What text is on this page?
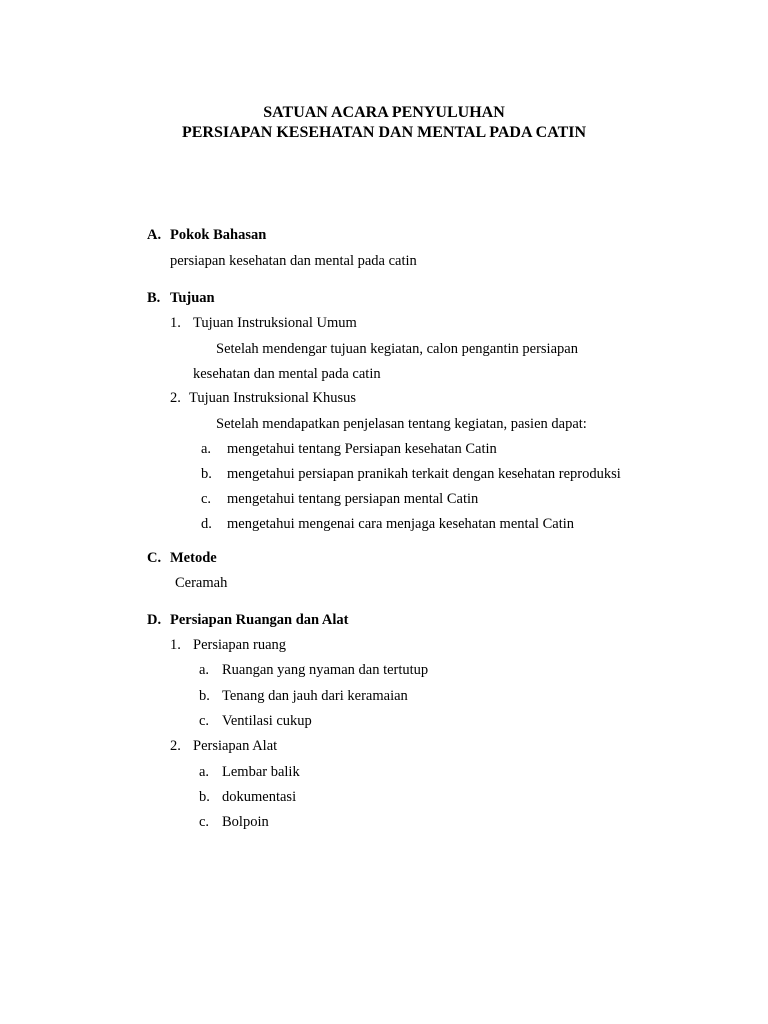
SATUAN ACARA PENYULUHAN
PERSIAPAN KESEHATAN DAN MENTAL PADA CATIN
A. Pokok Bahasan
persiapan kesehatan dan mental pada catin
B. Tujuan
1. Tujuan Instruksional Umum
Setelah mendengar tujuan kegiatan, calon pengantin persiapan
kesehatan dan mental pada catin
2. Tujuan Instruksional Khusus
Setelah mendapatkan penjelasan tentang kegiatan, pasien dapat:
a. mengetahui tentang Persiapan kesehatan Catin
b. mengetahui persiapan pranikah terkait dengan kesehatan reproduksi
c. mengetahui tentang persiapan mental Catin
d. mengetahui mengenai cara menjaga kesehatan mental Catin
C. Metode
Ceramah
D. Persiapan Ruangan dan Alat
1. Persiapan ruang
a. Ruangan yang nyaman dan tertutup
b. Tenang dan jauh dari keramaian
c. Ventilasi cukup
2. Persiapan Alat
a. Lembar balik
b. dokumentasi
c. Bolpoin
